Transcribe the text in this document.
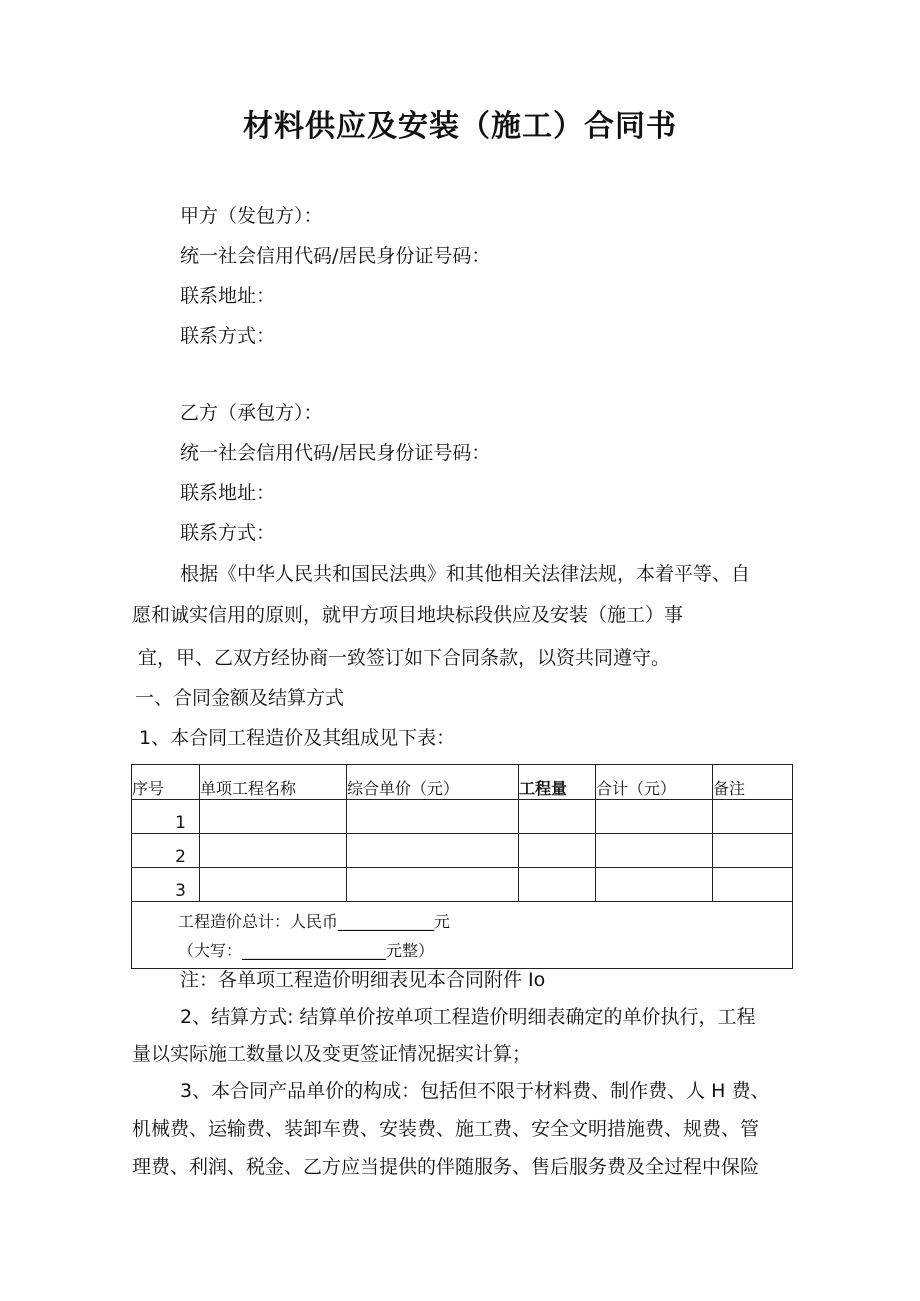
材料供应及安装（施工）合同书
甲方（发包方）：
统一社会信用代码/居民身份证号码：
联系地址：
联系方式：
乙方（承包方）：
统一社会信用代码/居民身份证号码：
联系地址：
联系方式：
根据《中华人民共和国民法典》和其他相关法律法规，本着平等、自
愿和诚实信用的原则，就甲方项目地块标段供应及安装（施工）事
宜，甲、乙双方经协商一致签订如下合同条款，以资共同遵守。
一、合同金额及结算方式
1、本合同工程造价及其组成见下表：
序号	单项工程名称	综合单价（元）	工程量	合计（元）	备注
1					
2					
3					

工程造价总计：人民币____________元
（大写：__________________元整）					
注：各单项工程造价明细表见本合同附件 Io
2、结算方式: 结算单价按单项工程造价明细表确定的单价执行，工程
量以实际施工数量以及变更签证情况据实计算；
3、本合同产品单价的构成：包括但不限于材料费、制作费、人 H 费、
机械费、运输费、装卸车费、安装费、施工费、安全文明措施费、规费、管
理费、利润、税金、乙方应当提供的伴随服务、售后服务费及全过程中保险
